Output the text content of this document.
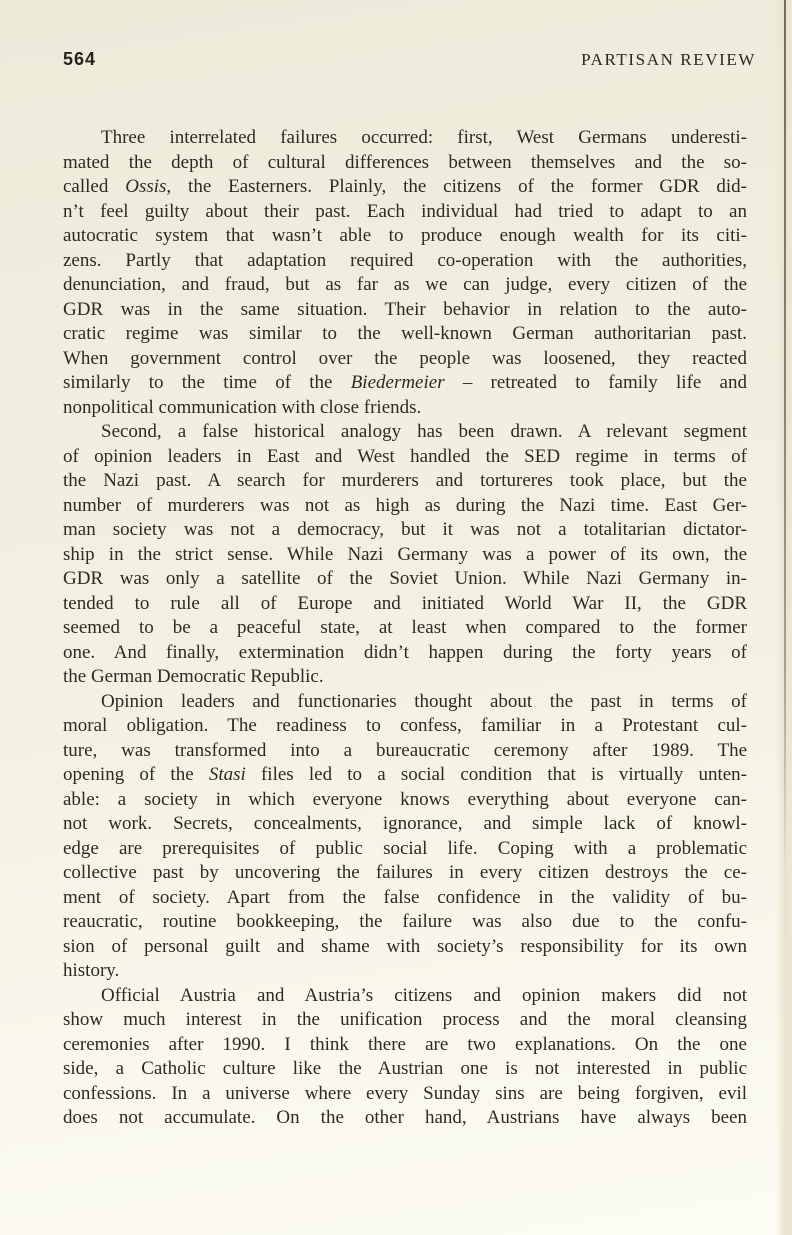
564	PARTISAN REVIEW
Three interrelated failures occurred: first, West Germans underesti-
mated the depth of cultural differences between themselves and the so-
called Ossis, the Easterners. Plainly, the citizens of the former GDR did-
n’t feel guilty about their past. Each individual had tried to adapt to an
autocratic system that wasn’t able to produce enough wealth for its citi-
zens. Partly that adaptation required co-operation with the authorities,
denunciation, and fraud, but as far as we can judge, every citizen of the
GDR was in the same situation. Their behavior in relation to the auto-
cratic regime was similar to the well-known German authoritarian past.
When government control over the people was loosened, they reacted
similarly to the time of the Biedermeier – retreated to family life and
nonpolitical communication with close friends.
Second, a false historical analogy has been drawn. A relevant segment
of opinion leaders in East and West handled the SED regime in terms of
the Nazi past. A search for murderers and tortureres took place, but the
number of murderers was not as high as during the Nazi time. East Ger-
man society was not a democracy, but it was not a totalitarian dictator-
ship in the strict sense. While Nazi Germany was a power of its own, the
GDR was only a satellite of the Soviet Union. While Nazi Germany in-
tended to rule all of Europe and initiated World War II, the GDR
seemed to be a peaceful state, at least when compared to the former
one. And finally, extermination didn’t happen during the forty years of
the German Democratic Republic.
Opinion leaders and functionaries thought about the past in terms of
moral obligation. The readiness to confess, familiar in a Protestant cul-
ture, was transformed into a bureaucratic ceremony after 1989. The
opening of the Stasi files led to a social condition that is virtually unten-
able: a society in which everyone knows everything about everyone can-
not work. Secrets, concealments, ignorance, and simple lack of knowl-
edge are prerequisites of public social life. Coping with a problematic
collective past by uncovering the failures in every citizen destroys the ce-
ment of society. Apart from the false confidence in the validity of bu-
reaucratic, routine bookkeeping, the failure was also due to the confu-
sion of personal guilt and shame with society’s responsibility for its own
history.
Official Austria and Austria’s citizens and opinion makers did not
show much interest in the unification process and the moral cleansing
ceremonies after 1990. I think there are two explanations. On the one
side, a Catholic culture like the Austrian one is not interested in public
confessions. In a universe where every Sunday sins are being forgiven, evil
does not accumulate. On the other hand, Austrians have always been
